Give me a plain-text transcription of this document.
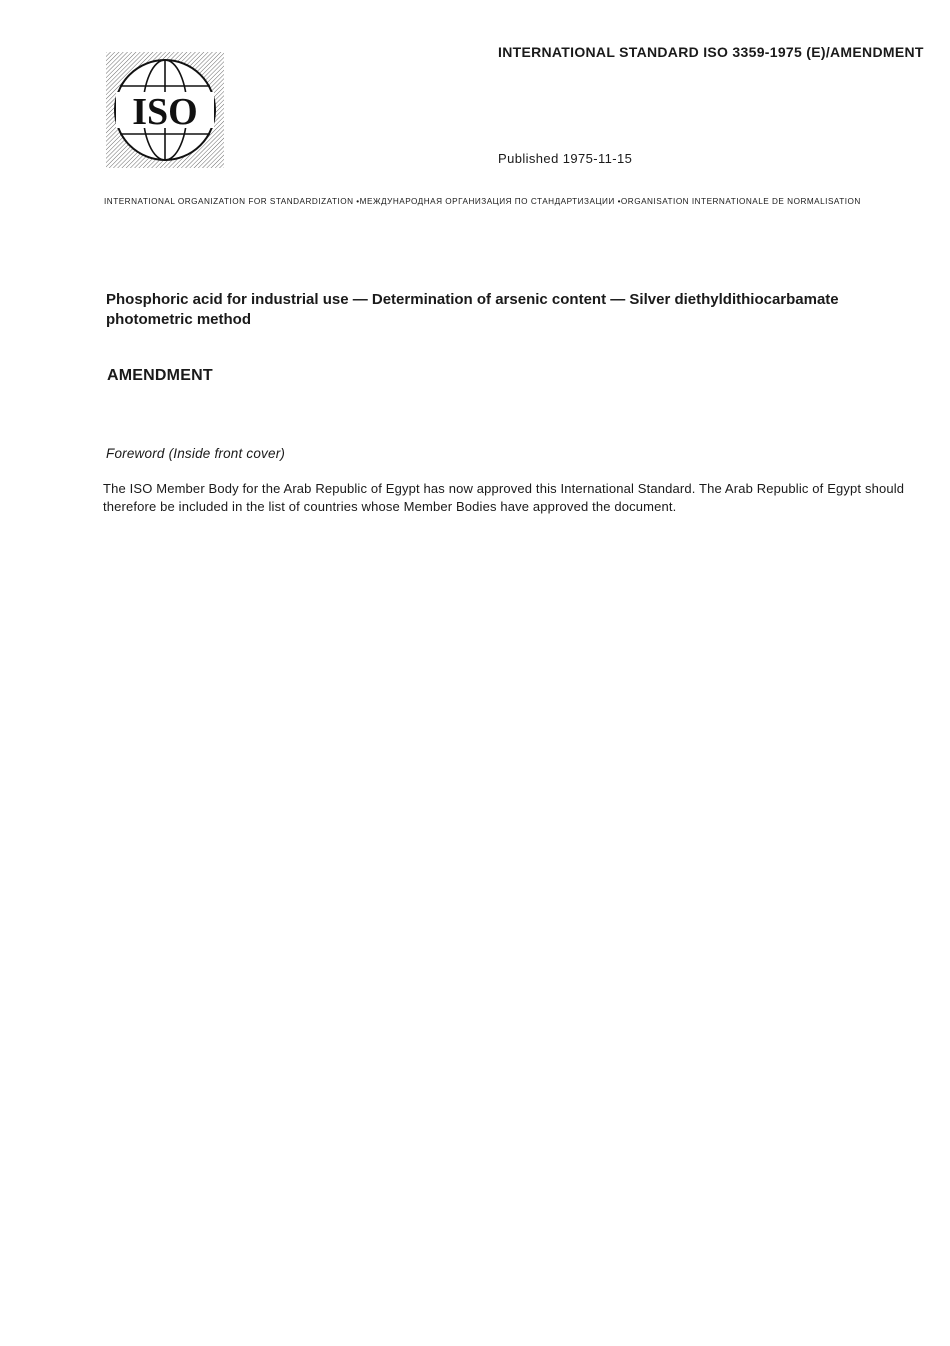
ISO
INTERNATIONAL STANDARD ISO 3359-1975 (E)/AMENDMENT
Published 1975-11-15
INTERNATIONAL ORGANIZATION FOR STANDARDIZATION •МЕЖДУНАРОДНАЯ ОРГАНИЗАЦИЯ ПО СТАНДАРТИЗАЦИИ •ORGANISATION INTERNATIONALE DE NORMALISATION
Phosphoric acid for industrial use — Determination of arsenic content — Silver diethyldithiocarbamate photometric method
AMENDMENT
Foreword (Inside front cover)
The ISO Member Body for the Arab Republic of Egypt has now approved this International Standard. The Arab Republic of Egypt should therefore be included in the list of countries whose Member Bodies have approved the document.
